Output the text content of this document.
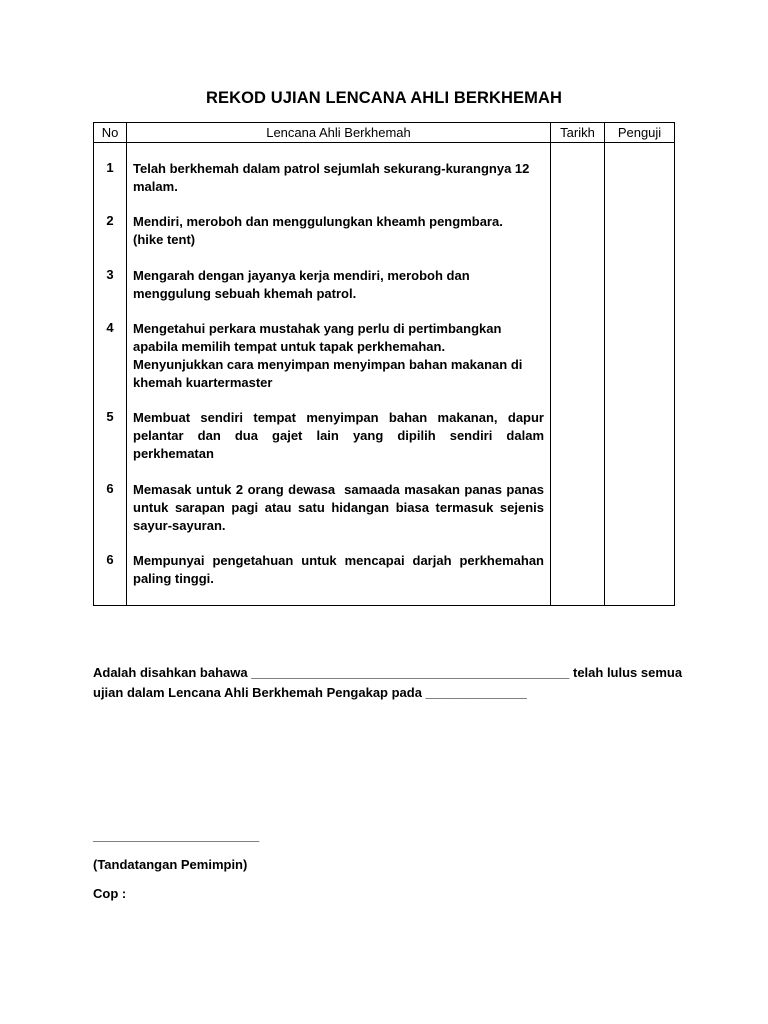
REKOD UJIAN LENCANA AHLI BERKHEMAH
No	Lencana Ahli Berkhemah	Tarikh	Penguji
1	Telah berkhemah dalam patrol sejumlah sekurang-kurangnya 12 malam.

2	Mendiri, meroboh dan menggulungkan kheamh pengmbara.

(hike tent)

3	Mengarah dengan jayanya kerja mendiri, meroboh dan menggulung sebuah khemah patrol.

4	Mengetahui perkara mustahak yang perlu di pertimbangkan apabila memilih tempat untuk tapak perkhemahan.

Menyunjukkan cara menyimpan menyimpan bahan makanan di khemah kuartermaster

5	Membuat sendiri tempat menyimpan bahan makanan, dapur pelantar dan dua gajet lain yang dipilih sendiri dalam perkhematan

6	Memasak untuk 2 orang dewasa  samaada masakan panas panas untuk sarapan pagi atau satu hidangan biasa termasuk sejenis sayur-sayuran.

6	Mempunyai pengetahuan untuk mencapai darjah perkhemahan paling tinggi.

Adalah disahkan bahawa ____________________________________________ telah lulus semua ujian dalam Lencana Ahli Berkhemah Pengakap pada ______________
_______________________
(Tandatangan Pemimpin)
Cop :
